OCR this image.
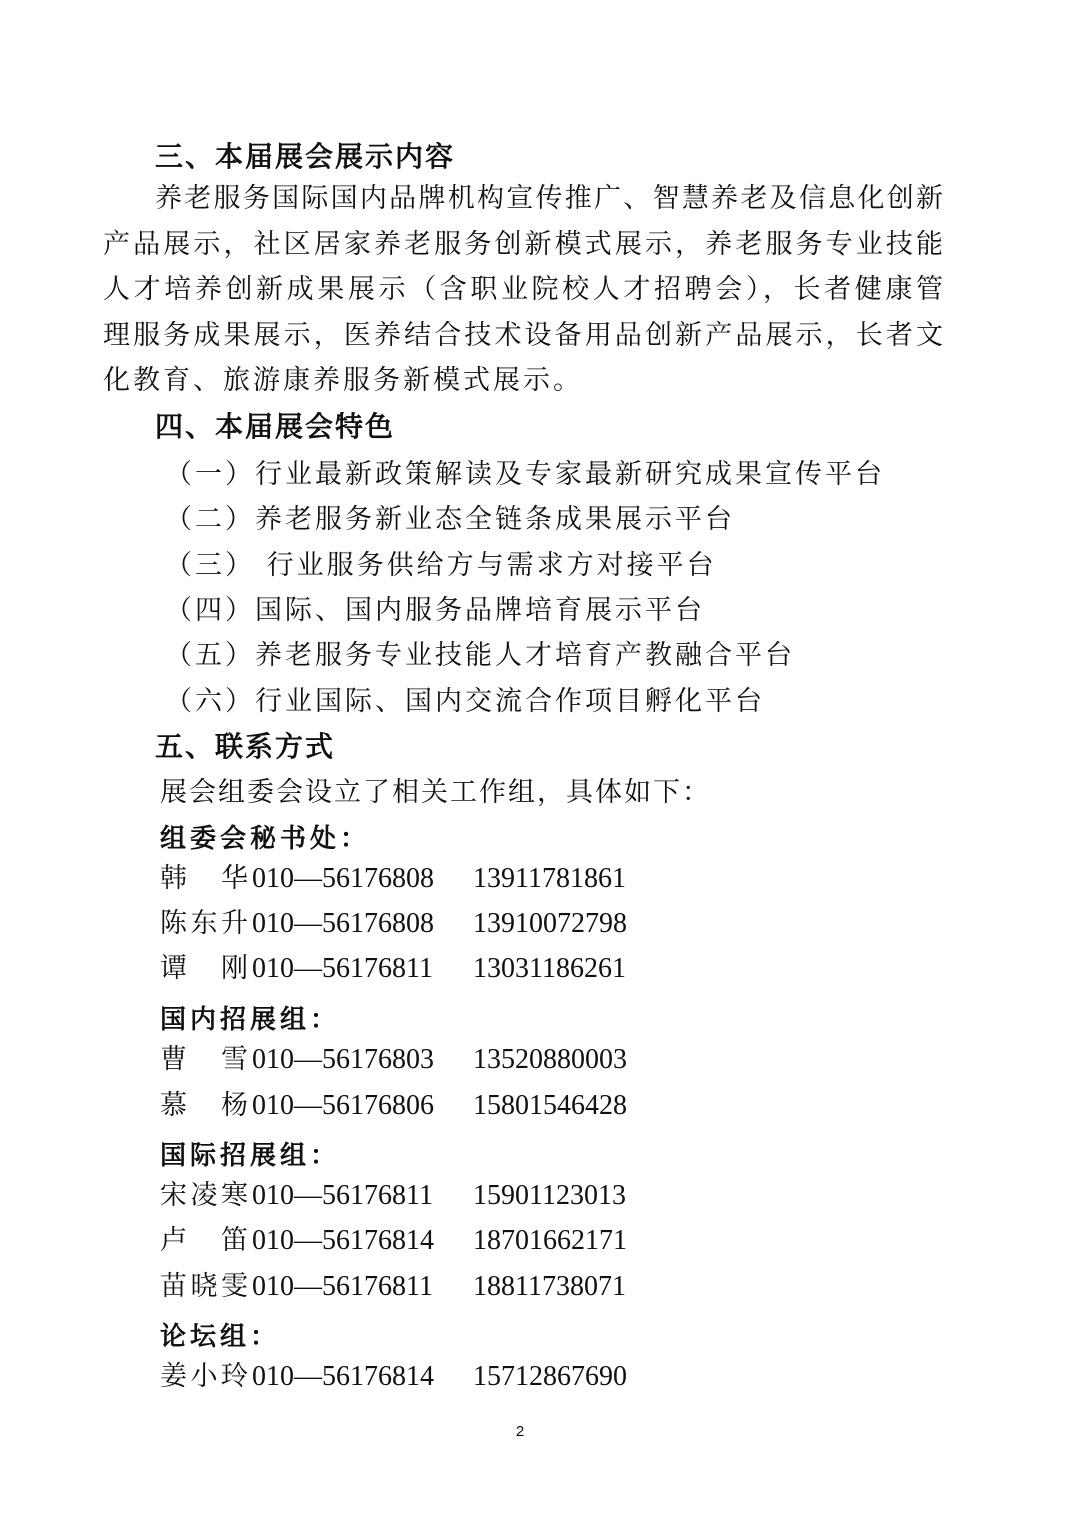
三、本届展会展示内容
养老服务国际国内品牌机构宣传推广、智慧养老及信息化创新
产品展示，社区居家养老服务创新模式展示，养老服务专业技能
人才培养创新成果展示（含职业院校人才招聘会），长者健康管
理服务成果展示，医养结合技术设备用品创新产品展示，长者文
化教育、旅游康养服务新模式展示。
四、本届展会特色
（一）行业最新政策解读及专家最新研究成果宣传平台
（二）养老服务新业态全链条成果展示平台
（三） 行业服务供给方与需求方对接平台
（四）国际、国内服务品牌培育展示平台
（五）养老服务专业技能人才培育产教融合平台
（六）行业国际、国内交流合作项目孵化平台
五、联系方式
展会组委会设立了相关工作组，具体如下：
组委会秘书处：
韩 华 010—56176808 13911781861
陈 东 升 010—56176808 13910072798
谭 刚 010—56176811 13031186261
国内招展组：
曹 雪 010—56176803 13520880003
慕 杨 010—56176806 15801546428
国际招展组：
宋 凌 寒 010—56176811 15901123013
卢 笛 010—56176814 18701662171
苗 晓 雯 010—56176811 18811738071
论坛组：
姜 小 玲 010—56176814 15712867690
2
